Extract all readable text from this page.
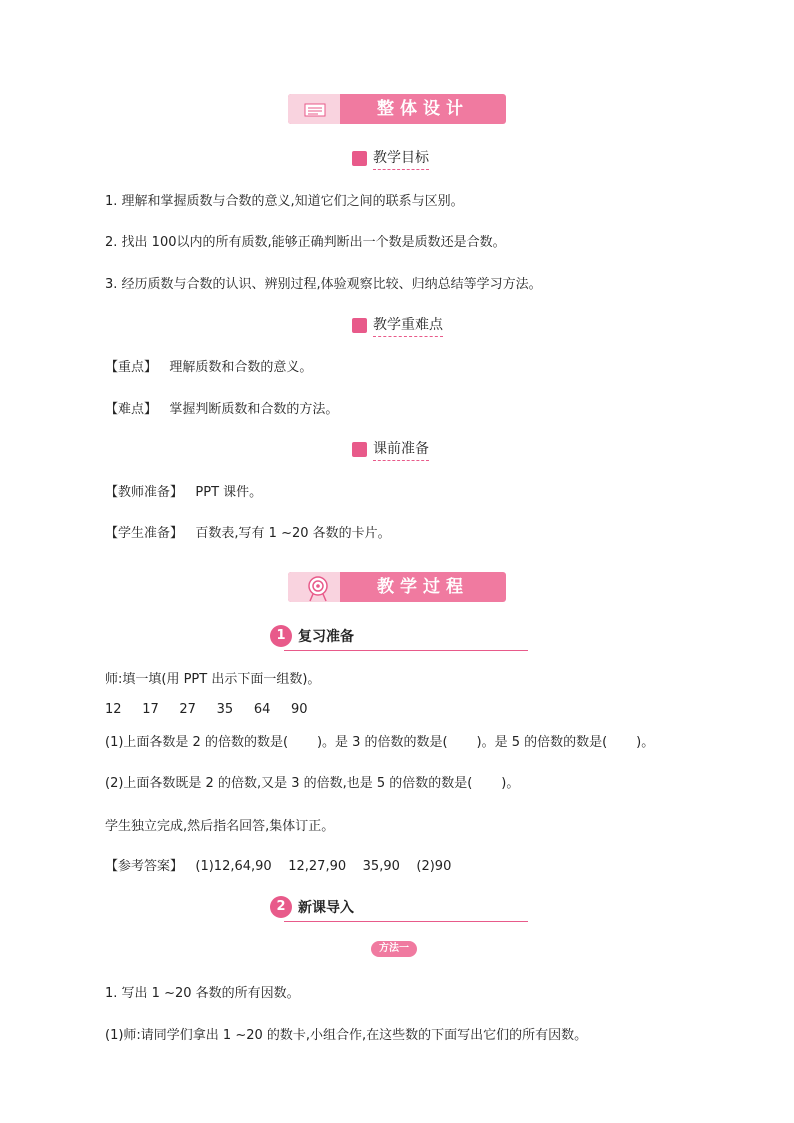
整体设计
教学目标
1. 理解和掌握质数与合数的意义,知道它们之间的联系与区别。
2. 找出 100以内的所有质数,能够正确判断出一个数是质数还是合数。
3. 经历质数与合数的认识、辨别过程,体验观察比较、归纳总结等学习方法。
教学重难点
【重点】   理解质数和合数的意义。
【难点】   掌握判断质数和合数的方法。
课前准备
【教师准备】   PPT 课件。
【学生准备】   百数表,写有 1 ~20 各数的卡片。
教学过程
1 复习准备
师:填一填(用 PPT 出示下面一组数)。
12     17     27     35     64     90
(1)上面各数是 2 的倍数的数是(       )。是 3 的倍数的数是(       )。是 5 的倍数的数是(       )。
(2)上面各数既是 2 的倍数,又是 3 的倍数,也是 5 的倍数的数是(       )。
学生独立完成,然后指名回答,集体订正。
【参考答案】   (1)12,64,90    12,27,90    35,90    (2)90
2 新课导入
方法一
1. 写出 1 ~20 各数的所有因数。
(1)师:请同学们拿出 1 ~20 的数卡,小组合作,在这些数的下面写出它们的所有因数。
